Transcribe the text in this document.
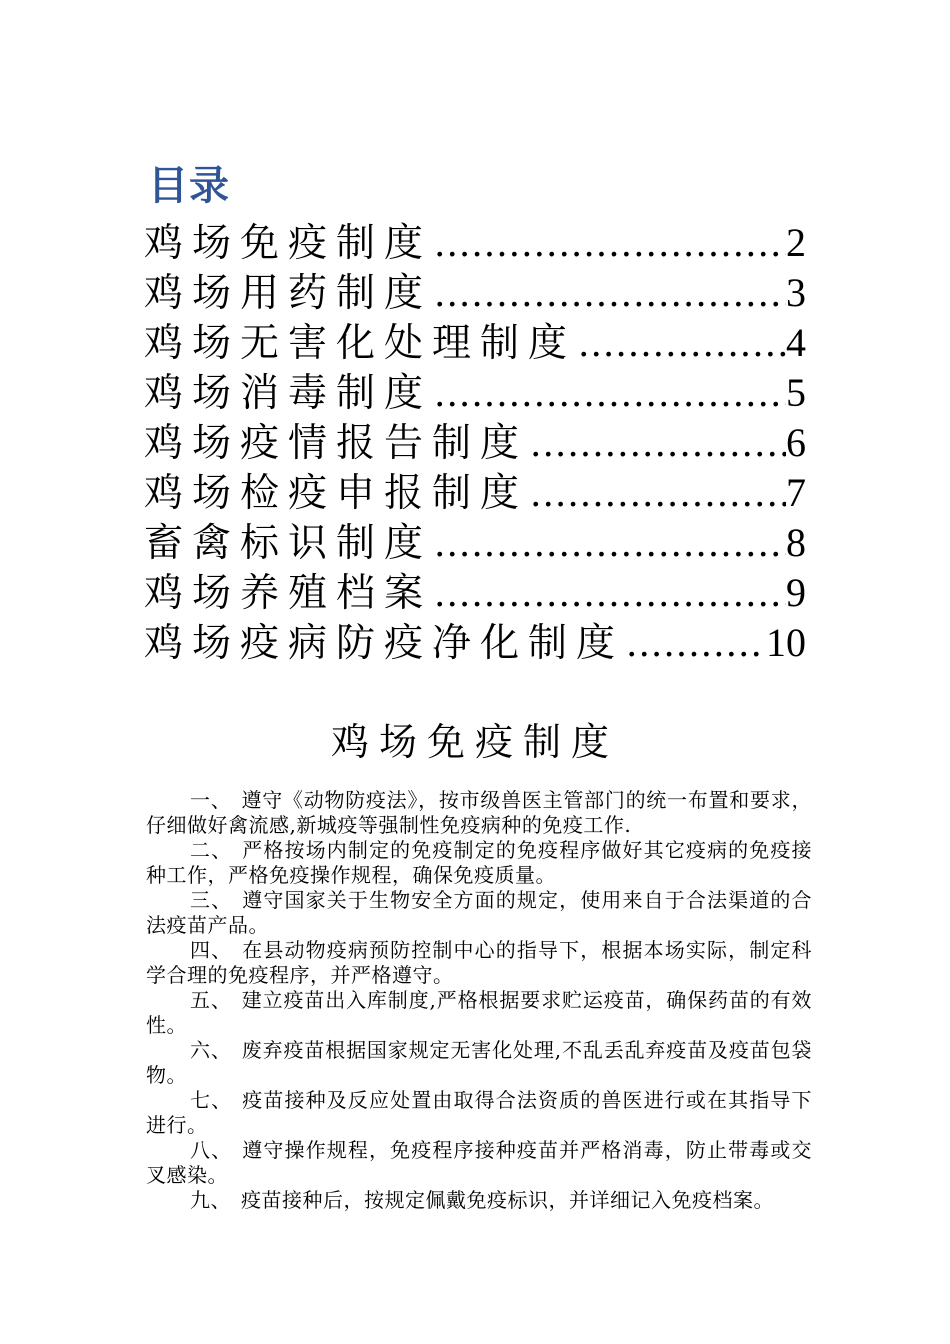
目录
鸡场免疫制度 .....	2
鸡场用药制度 .....	3
鸡场无害化处理制度 .....	4
鸡场消毒制度 .....	5
鸡场疫情报告制度 .....	6
鸡场检疫申报制度 .....	7
畜禽标识制度 .....	8
鸡场养殖档案 .....	9
鸡场疫病防疫净化制度 .....	10
鸡场免疫制度

一、 遵守《动物防疫法》，按市级兽医主管部门的统一布置和要求，仔细做好禽流感,新城疫等强制性免疫病种的免疫工作.

二、 严格按场内制定的免疫制定的免疫程序做好其它疫病的免疫接种工作，严格免疫操作规程，确保免疫质量。

三、 遵守国家关于生物安全方面的规定，使用来自于合法渠道的合法疫苗产品。

四、 在县动物疫病预防控制中心的指导下，根据本场实际，制定科学合理的免疫程序，并严格遵守。

五、 建立疫苗出入库制度,严格根据要求贮运疫苗，确保药苗的有效性。

六、 废弃疫苗根据国家规定无害化处理,不乱丢乱弃疫苗及疫苗包袋物。

七、 疫苗接种及反应处置由取得合法资质的兽医进行或在其指导下进行。

八、 遵守操作规程，免疫程序接种疫苗并严格消毒，防止带毒或交叉感染。

九、 疫苗接种后，按规定佩戴免疫标识，并详细记入免疫档案。
